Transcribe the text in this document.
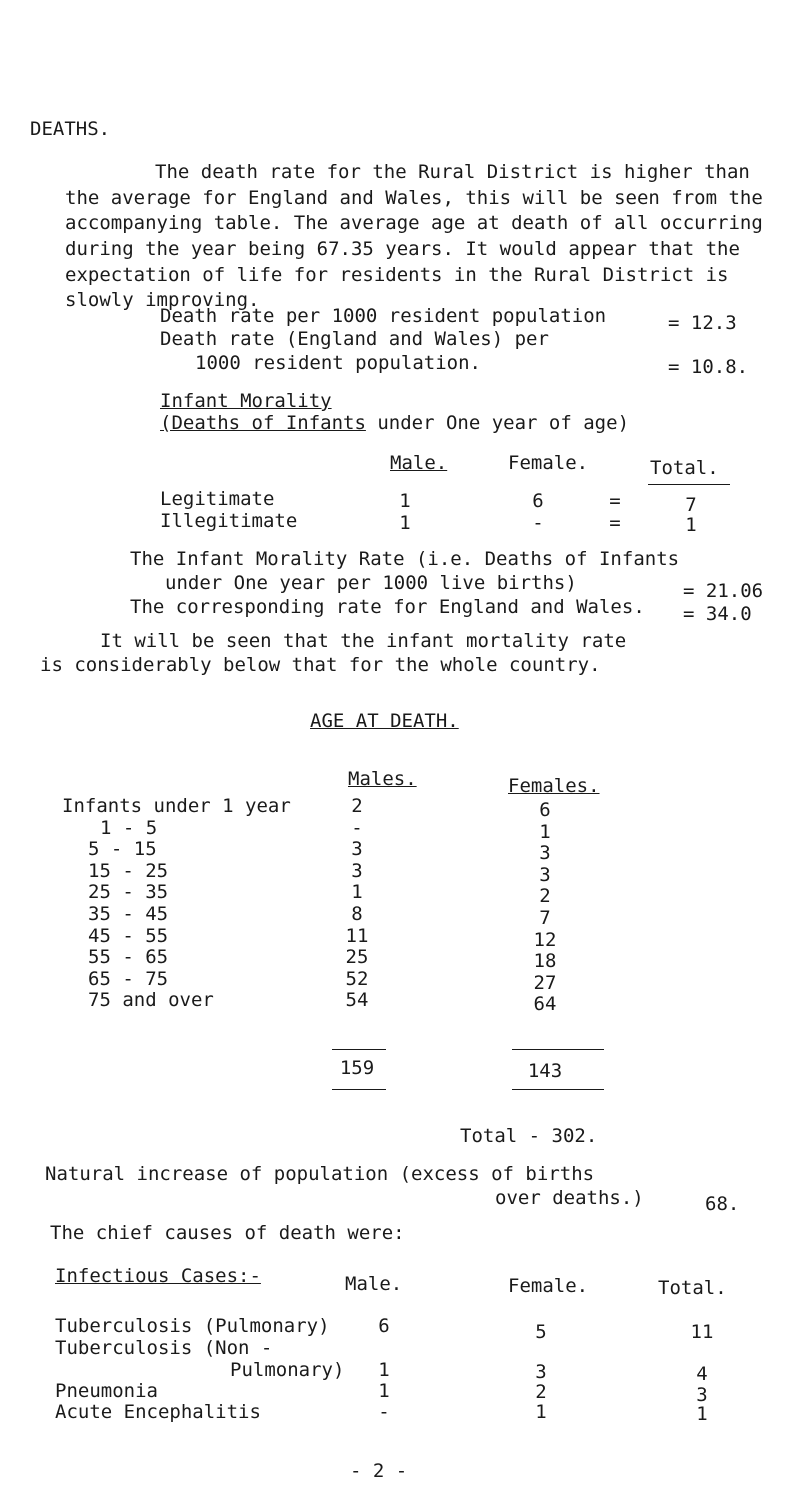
DEATHS.
The death rate for the Rural District is higher than the average for England and Wales, this will be seen from the accompanying table. The average age at death of all occurring during the year being 67.35 years. It would appear that the expectation of life for residents in the Rural District is slowly improving.
Death rate per 1000 resident population	= 12.3
Death rate (England and Wales) per
1000 resident population.	= 10.8.
Infant Morality
(Deaths of Infants under One year of age)
Male.	Female.	Total.
Legitimate	1	6	=	7
Illegitimate	1	-	=	1
The Infant Morality Rate (i.e. Deaths of Infants
under One year per 1000 live births)	= 21.06
The corresponding rate for England and Wales. = 34.0
It will be seen that the infant mortality rate
is considerably below that for the whole country.
AGE AT DEATH.
Males.	Females.
Infants under 1 year	2	6
1 - 5	-	1
5 - 15	3	3
15 - 25	3	3
25 - 35	1	2
35 - 45	8	7
45 - 55	11	12
55 - 65	25	18
65 - 75	52	27
75 and over	54	64
159	143
Total - 302.
Natural increase of population (excess of births
over deaths.)	68.
The chief causes of death were:
Infectious Cases:-	Male.	Female.	Total.
Tuberculosis (Pulmonary)	6	5	11
Tuberculosis (Non -
Pulmonary)	1	3	4
Pneumonia	1	2	3
Acute Encephalitis	-	1	1
- 2 -
